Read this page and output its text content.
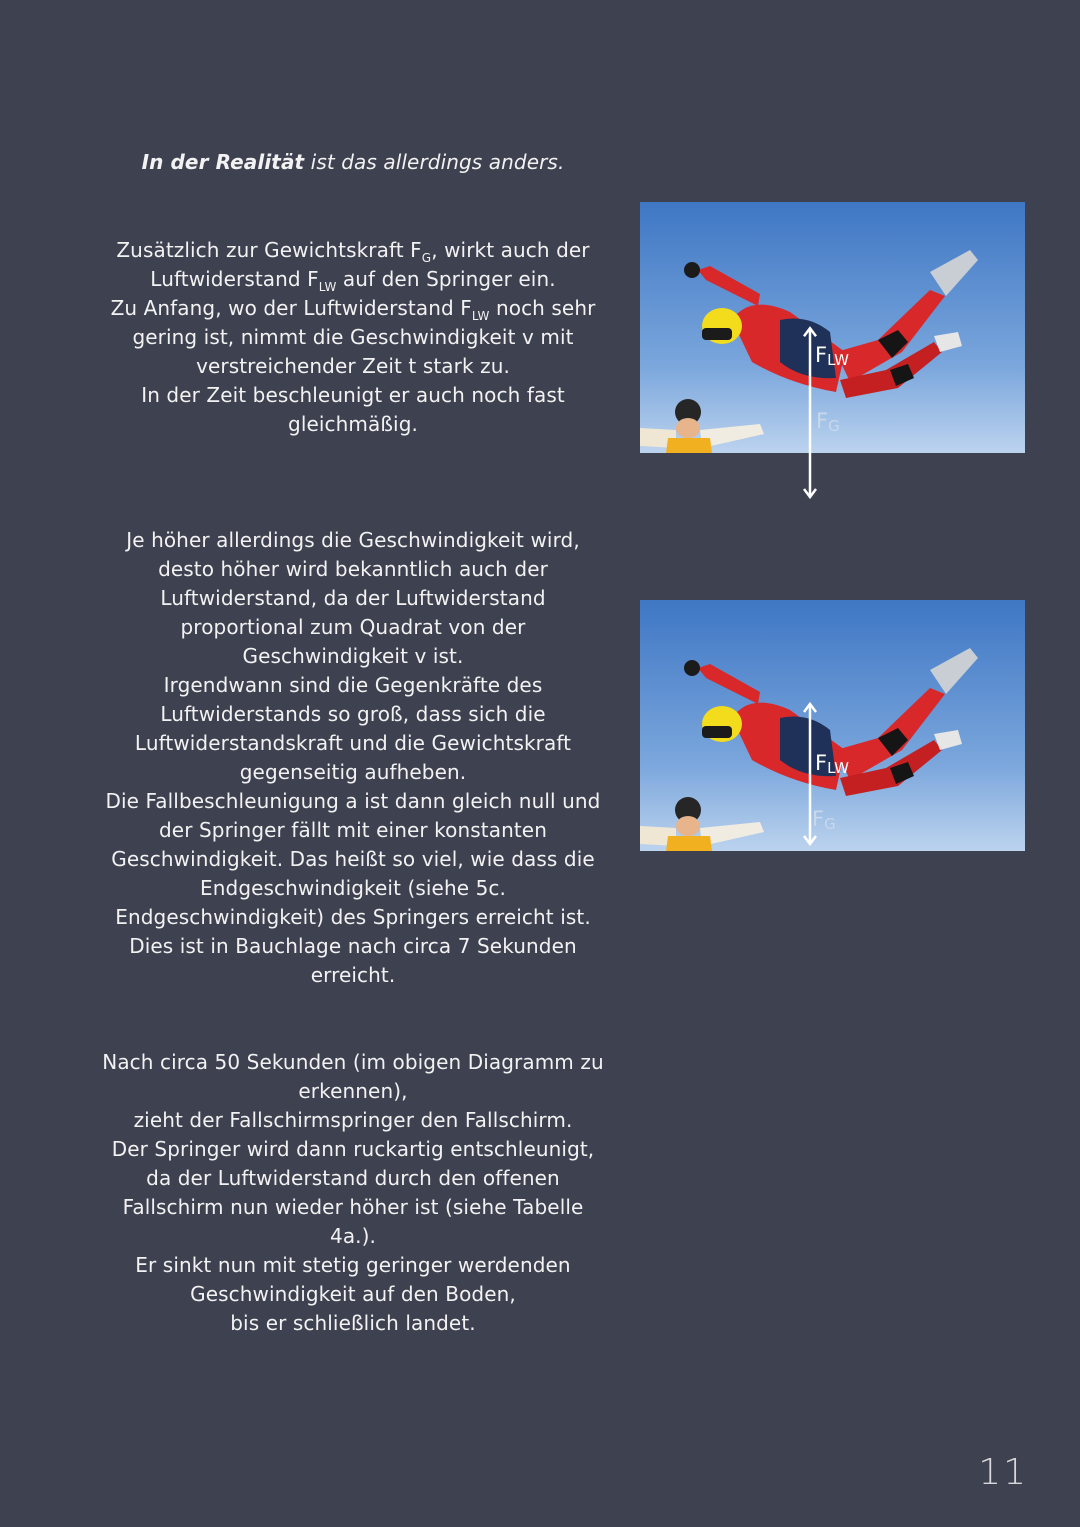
In der Realität ist das allerdings anders.

Zusätzlich zur Gewichtskraft $F_G$, wirkt auch der Luftwiderstand $F_{LW}$ auf den Springer ein.

Zu Anfang, wo der Luftwiderstand $F_{LW}$ noch sehr gering ist, nimmt die Geschwindigkeit v mit verstreichender Zeit t stark zu.

In der Zeit beschleunigt er auch noch fast gleichmäßig.

Je höher allerdings die Geschwindigkeit wird, desto höher wird bekanntlich auch der Luftwiderstand, da der Luftwiderstand proportional zum Quadrat von der Geschwindigkeit v ist.

Irgendwann sind die Gegenkräfte des Luftwiderstands so groß, dass sich die Luftwiderstandskraft und die Gewichtskraft gegenseitig aufheben.

Die Fallbeschleunigung a ist dann gleich null und der Springer fällt mit einer konstanten Geschwindigkeit. Das heißt so viel, wie dass die Endgeschwindigkeit (siehe 5c. Endgeschwindigkeit) des Springers erreicht ist.

Dies ist in Bauchlage nach circa 7 Sekunden erreicht.

Nach circa 50 Sekunden (im obigen Diagramm zu erkennen),

zieht der Fallschirmspringer den Fallschirm.

Der Springer wird dann ruckartig entschleunigt, da der Luftwiderstand durch den offenen Fallschirm nun wieder höher ist (siehe Tabelle 4a.).

Er sinkt nun mit stetig geringer werdenden Geschwindigkeit auf den Boden,

bis er schließlich landet.

FLW
FG
FLW
FG
11
